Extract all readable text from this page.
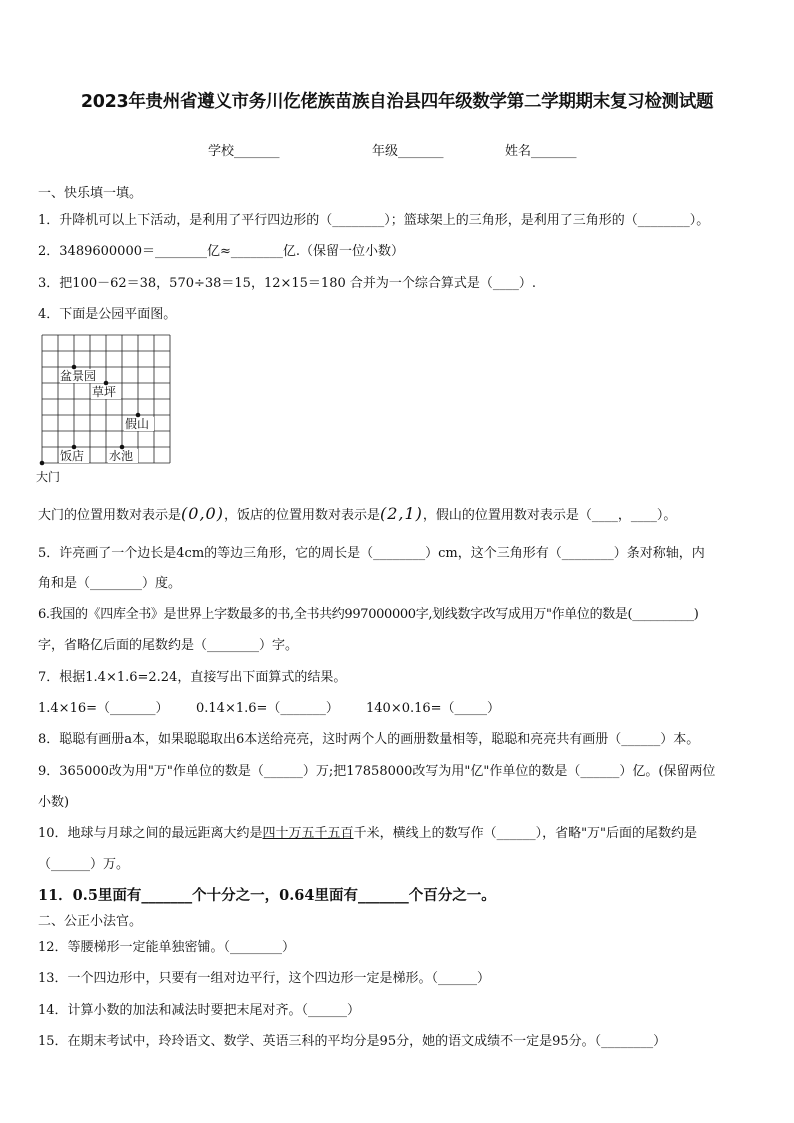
2023年贵州省遵义市务川仡佬族苗族自治县四年级数学第二学期期末复习检测试题
学校_______	年级_______	姓名_______
一、快乐填一填。
1．升降机可以上下活动，是利用了平行四边形的（________）；篮球架上的三角形，是利用了三角形的（________）。
2．3489600000＝________亿≈________亿.（保留一位小数）
3．把100－62＝38，570÷38＝15，12×15＝180 合并为一个综合算式是（____）.
4．下面是公园平面图。
盆景园
草坪
假山
饭店 水池
大门
大门的位置用数对表示是(0,0)，饭店的位置用数对表示是(2,1)，假山的位置用数对表示是（____，____）。
5．许亮画了一个边长是4cm的等边三角形，它的周长是（________）cm，这个三角形有（________）条对称轴，内
角和是（________）度。
6.我国的《四库全书》是世界上字数最多的书,全书共约997000000字,划线数字改写成用万"作单位的数是(__________)
字，省略亿后面的尾数约是（________）字。
7．根据1.4×1.6=2.24，直接写出下面算式的结果。
1.4×16=（_______） 0.14×1.6=（_______） 140×0.16=（_____）
8．聪聪有画册a本，如果聪聪取出6本送给亮亮，这时两个人的画册数量相等，聪聪和亮亮共有画册（______）本。
9．365000改为用"万"作单位的数是（______）万;把17858000改写为用"亿"作单位的数是（______）亿。(保留两位
小数)
10．地球与月球之间的最远距离大约是四十万五千五百千米，横线上的数写作（______），省略"万"后面的尾数约是
（______）万。
11．0.5里面有_______个十分之一，0.64里面有_______个百分之一。
二、公正小法官。
12．等腰梯形一定能单独密铺。（________）
13．一个四边形中，只要有一组对边平行，这个四边形一定是梯形。（______）
14．计算小数的加法和减法时要把末尾对齐。（______）
15．在期末考试中，玲玲语文、数学、英语三科的平均分是95分，她的语文成绩不一定是95分。（________）
